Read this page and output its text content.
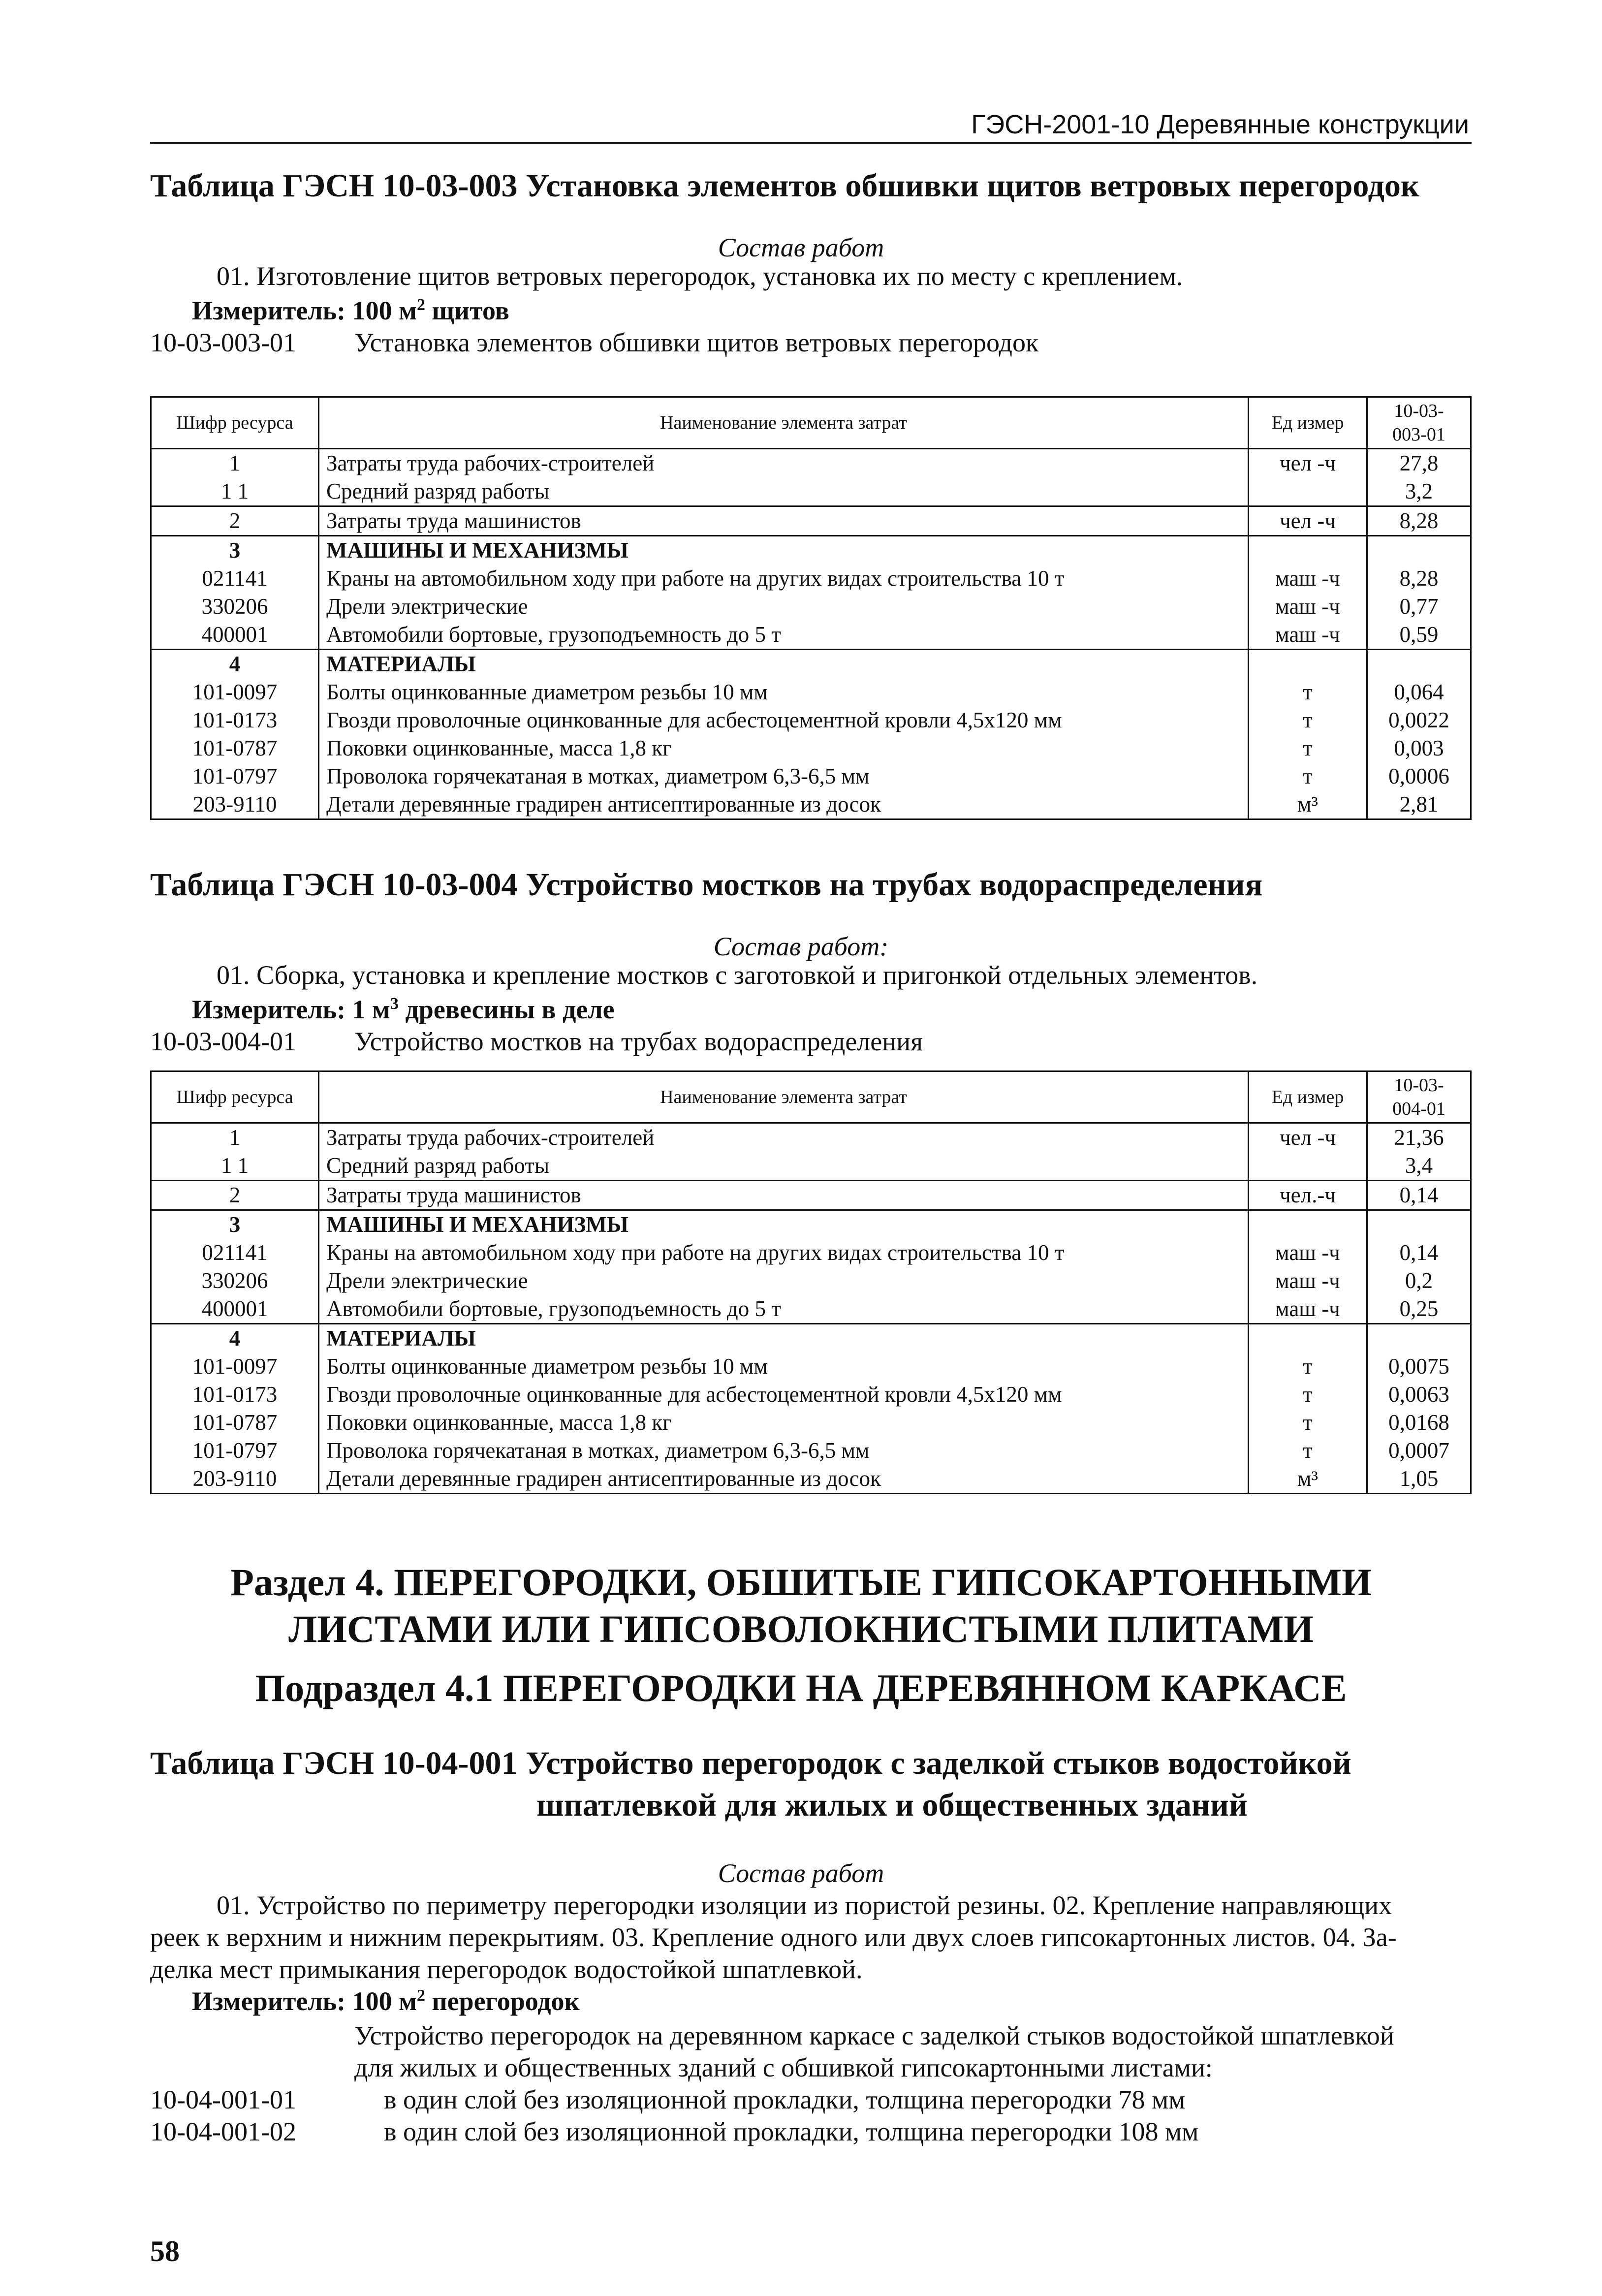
ГЭСН-2001-10 Деревянные конструкции
Таблица ГЭСН 10-03-003 Установка элементов обшивки щитов ветровых перегородок
Состав работ
01. Изготовление щитов ветровых перегородок, установка их по месту с креплением.
Измеритель: 100 $м^2$ щитов
10-03-003-01 Установка элементов обшивки щитов ветровых перегородок
Шифр ресурса	Наименование элемента затрат	Ед измер	10-03-
003-01
1	Затраты труда рабочих-строителей	чел -ч	27,8
1 1	Средний разряд работы		3,2
2	Затраты труда машинистов	чел -ч	8,28
3	МАШИНЫ И МЕХАНИЗМЫ		
021141	Краны на автомобильном ходу при работе на других видах строительства 10 т	маш -ч	8,28
330206	Дрели электрические	маш -ч	0,77
400001	Автомобили бортовые, грузоподъемность до 5 т	маш -ч	0,59
4	МАТЕРИАЛЫ		
101-0097	Болты оцинкованные диаметром резьбы 10 мм	т	0,064
101-0173	Гвозди проволочные оцинкованные для асбестоцементной кровли 4,5х120 мм	т	0,0022
101-0787	Поковки оцинкованные, масса 1,8 кг	т	0,003
101-0797	Проволока горячекатаная в мотках, диаметром 6,3-6,5 мм	т	0,0006
203-9110	Детали деревянные градирен антисептированные из досок	м³	2,81
Таблица ГЭСН 10-03-004 Устройство мостков на трубах водораспределения
Состав работ:
01. Сборка, установка и крепление мостков с заготовкой и пригонкой отдельных элементов.
Измеритель: 1 $м^3$ древесины в деле
10-03-004-01 Устройство мостков на трубах водораспределения
Шифр ресурса	Наименование элемента затрат	Ед измер	10-03-
004-01
1	Затраты труда рабочих-строителей	чел -ч	21,36
1 1	Средний разряд работы		3,4
2	Затраты труда машинистов	чел.-ч	0,14
3	МАШИНЫ И МЕХАНИЗМЫ		
021141	Краны на автомобильном ходу при работе на других видах строительства 10 т	маш -ч	0,14
330206	Дрели электрические	маш -ч	0,2
400001	Автомобили бортовые, грузоподъемность до 5 т	маш -ч	0,25
4	МАТЕРИАЛЫ		
101-0097	Болты оцинкованные диаметром резьбы 10 мм	т	0,0075
101-0173	Гвозди проволочные оцинкованные для асбестоцементной кровли 4,5х120 мм	т	0,0063
101-0787	Поковки оцинкованные, масса 1,8 кг	т	0,0168
101-0797	Проволока горячекатаная в мотках, диаметром 6,3-6,5 мм	т	0,0007
203-9110	Детали деревянные градирен антисептированные из досок	м³	1,05
Раздел 4. ПЕРЕГОРОДКИ, ОБШИТЫЕ ГИПСОКАРТОННЫМИ
ЛИСТАМИ ИЛИ ГИПСОВОЛОКНИСТЫМИ ПЛИТАМИ
Подраздел 4.1 ПЕРЕГОРОДКИ НА ДЕРЕВЯННОМ КАРКАСЕ
Таблица ГЭСН 10-04-001 Устройство перегородок с заделкой стыков водостойкой
шпатлевкой для жилых и общественных зданий
Состав работ
01. Устройство по периметру перегородки изоляции из пористой резины. 02. Крепление направляющих
реек к верхним и нижним перекрытиям. 03. Крепление одного или двух слоев гипсокартонных листов. 04. За-
делка мест примыкания перегородок водостойкой шпатлевкой.
Измеритель: 100 $м^2$ перегородок
Устройство перегородок на деревянном каркасе с заделкой стыков водостойкой шпатлевкой
для жилых и общественных зданий с обшивкой гипсокартонными листами:
10-04-001-01	в один слой без изоляционной прокладки, толщина перегородки 78 мм
10-04-001-02	в один слой без изоляционной прокладки, толщина перегородки 108 мм
58
